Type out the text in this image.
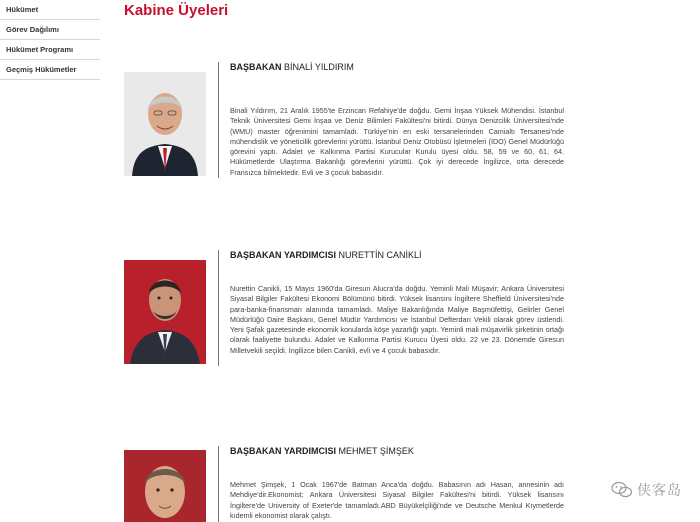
Hükümet
Görev Dağılımı
Hükümet Programı
Geçmiş Hükümetler
Kabine Üyeleri
BAŞBAKAN BİNALİ YILDIRIM

Binali Yıldırım, 21 Aralık 1955'te Erzincan Refahiye'de doğdu. Gemi İnşaa Yüksek Mühendisi. İstanbul Teknik Üniversitesi Gemi İnşaa ve Deniz Bilimleri Fakültesi'ni bitirdi. Dünya Denizcilik Üniversitesi'nde (WMU) master öğrenimini tamamladı. Türkiye'nin en eski tersanelerinden Camialtı Tersanesi'nde mühendislik ve yöneticilik görevlerini yürüttü. İstanbul Deniz Otobüsü İşletmeleri (İDO) Genel Müdürlüğü görevini yaptı. Adalet ve Kalkınma Partisi Kurucular Kurulu üyesi oldu. 58, 59 ve 60, 61, 64. Hükümetlerde Ulaştırma Bakanlığı görevlerini yürüttü. Çok iyi derecede İngilizce, orta derecede Fransızca bilmektedir. Evli ve 3 çocuk babasıdır.

BAŞBAKAN YARDIMCISI NURETTİN CANİKLİ

Nurettin Canikli, 15 Mayıs 1960'da Giresun Alucra'da doğdu. Yeminli Mali Müşavir; Ankara Üniversitesi Siyasal Bilgiler Fakültesi Ekonomi Bölümünü bitirdi. Yüksek lisansını İngiltere Sheffield Üniversitesi'nde para-banka-finansman alanında tamamladı. Maliye Bakanlığında Maliye Başmüfettişi, Gelirler Genel Müdürlüğü Daire Başkanı, Genel Müdür Yardımcısı ve İstanbul Defterdarı Vekili olarak görev üstlendi. Yeni Şafak gazetesinde ekonomik konularda köşe yazarlığı yaptı. Yeminli mali müşavirlik şirketinin ortağı olarak faaliyette bulundu. Adalet ve Kalkınma Partisi Kurucu Üyesi oldu. 22 ve 23. Dönemde Giresun Milletvekili seçildi. İngilizce bilen Canikli, evli ve 4 çocuk babasıdır.

BAŞBAKAN YARDIMCISI MEHMET ŞİMŞEK

Mehmet Şimşek, 1 Ocak 1967'de Batman Anca'da doğdu. Babasının adı Hasan, annesinin adı Mehdiye'dir.Ekonomist; Ankara Üniversitesi Siyasal Bilgiler Fakültesi'ni bitirdi. Yüksek lisansını İngiltere'de University of Exeter'de tamamladı.ABD Büyükelçiliği'nde ve Deutsche Menkul Kıymetlerde kıdemli ekonomist olarak çalıştı.

侠客岛
